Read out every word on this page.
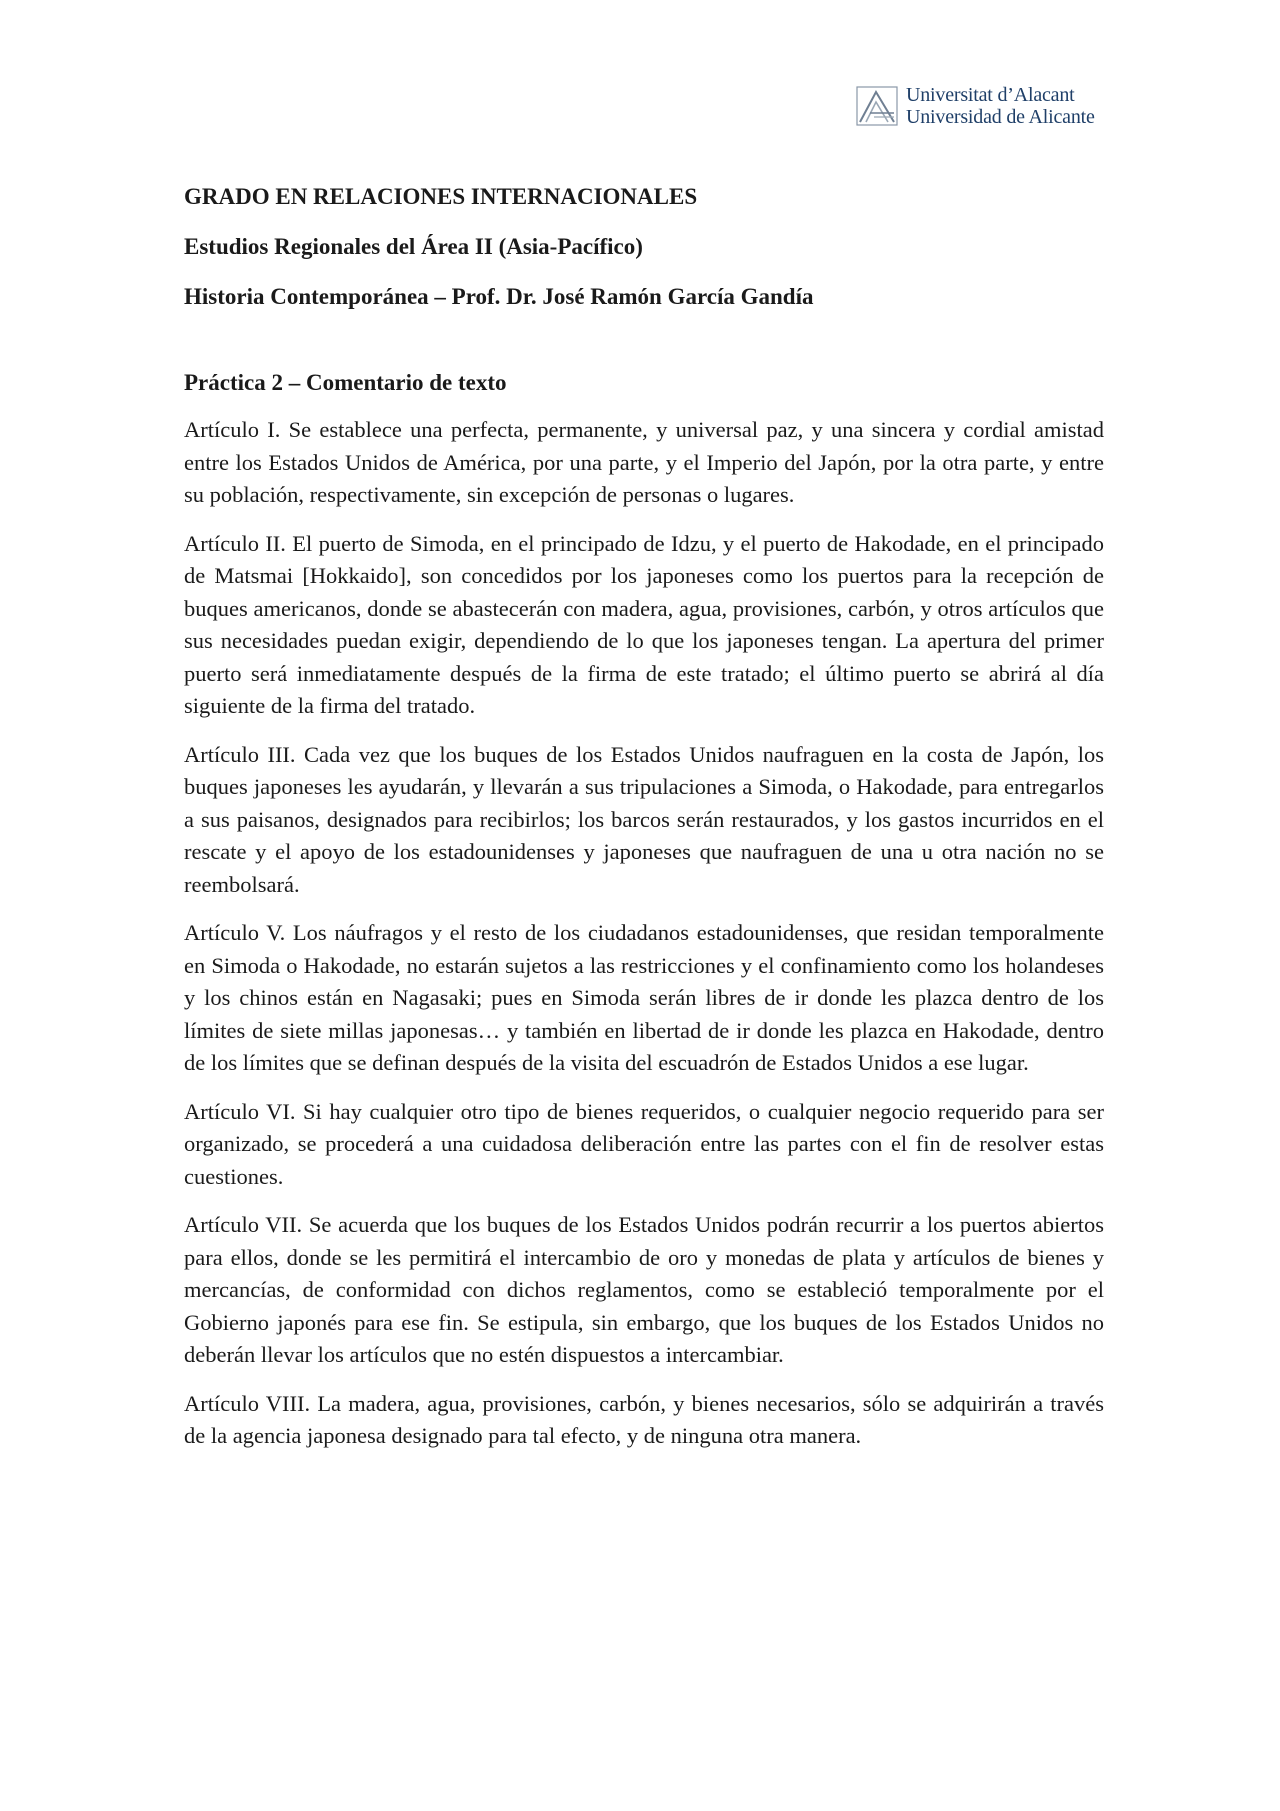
Universitat d’Alacant
Universidad de Alicante
GRADO EN RELACIONES INTERNACIONALES
Estudios Regionales del Área II (Asia-Pacífico)
Historia Contemporánea – Prof. Dr. José Ramón García Gandía
Práctica 2 – Comentario de texto

Artículo I. Se establece una perfecta, permanente, y universal paz, y una sincera y cordial amistad entre los Estados Unidos de América, por una parte, y el Imperio del Japón, por la otra parte, y entre su población, respectivamente, sin excepción de personas o lugares.

Artículo II. El puerto de Simoda, en el principado de Idzu, y el puerto de Hakodade, en el principado de Matsmai [Hokkaido], son concedidos por los japoneses como los puertos para la recepción de buques americanos, donde se abastecerán con madera, agua, provisiones, carbón, y otros artículos que sus necesidades puedan exigir, dependiendo de lo que los japoneses tengan. La apertura del primer puerto será inmediatamente después de la firma de este tratado; el último puerto se abrirá al día siguiente de la firma del tratado.

Artículo III. Cada vez que los buques de los Estados Unidos naufraguen en la costa de Japón, los buques japoneses les ayudarán, y llevarán a sus tripulaciones a Simoda, o Hakodade, para entregarlos a sus paisanos, designados para recibirlos; los barcos serán restaurados, y los gastos incurridos en el rescate y el apoyo de los estadounidenses y japoneses que naufraguen de una u otra nación no se reembolsará.

Artículo V. Los náufragos y el resto de los ciudadanos estadounidenses, que residan temporalmente en Simoda o Hakodade, no estarán sujetos a las restricciones y el confinamiento como los holandeses y los chinos están en Nagasaki; pues en Simoda serán libres de ir donde les plazca dentro de los límites de siete millas japonesas… y también en libertad de ir donde les plazca en Hakodade, dentro de los límites que se definan después de la visita del escuadrón de Estados Unidos a ese lugar.

Artículo VI. Si hay cualquier otro tipo de bienes requeridos, o cualquier negocio requerido para ser organizado, se procederá a una cuidadosa deliberación entre las partes con el fin de resolver estas cuestiones.

Artículo VII. Se acuerda que los buques de los Estados Unidos podrán recurrir a los puertos abiertos para ellos, donde se les permitirá el intercambio de oro y monedas de plata y artículos de bienes y mercancías, de conformidad con dichos reglamentos, como se estableció temporalmente por el Gobierno japonés para ese fin. Se estipula, sin embargo, que los buques de los Estados Unidos no deberán llevar los artículos que no estén dispuestos a intercambiar.

Artículo VIII. La madera, agua, provisiones, carbón, y bienes necesarios, sólo se adquirirán a través de la agencia japonesa designado para tal efecto, y de ninguna otra manera.
